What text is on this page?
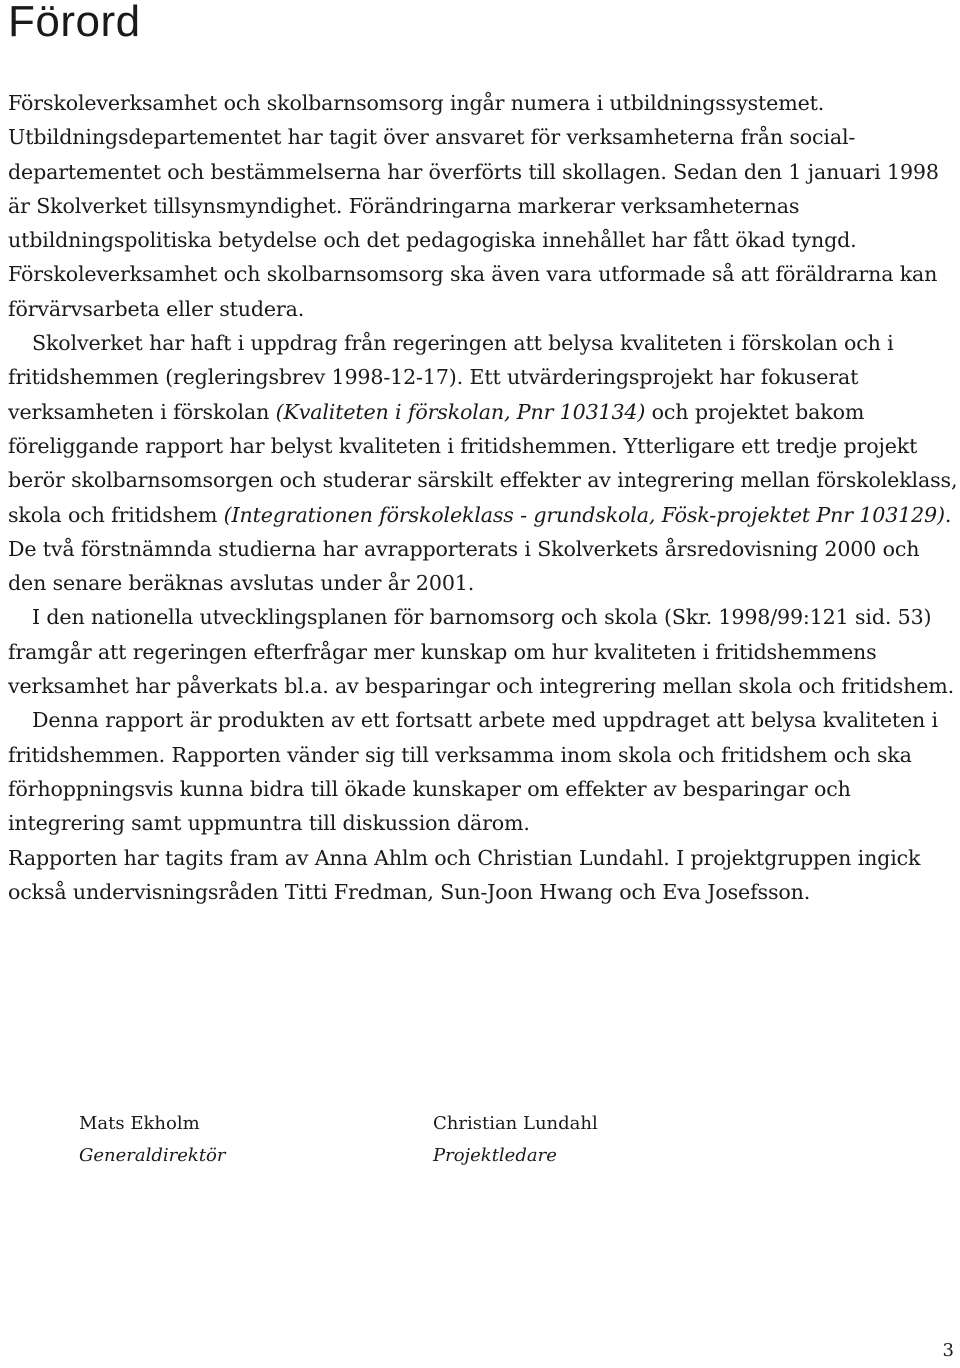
Förord

Förskoleverksamhet och skolbarnsomsorg ingår numera i utbildningssystemet. Utbildningsdepartementet har tagit över ansvaret för verksamheterna från social-departementet och bestämmelserna har överförts till skollagen. Sedan den 1 januari 1998 är Skolverket tillsynsmyndighet. Förändringarna markerar verksamheternas utbildningspolitiska betydelse och det pedagogiska innehållet har fått ökad tyngd. Förskoleverksamhet och skolbarnsomsorg ska även vara utformade så att föräldrarna kan förvärvsarbeta eller studera.

Skolverket har haft i uppdrag från regeringen att belysa kvaliteten i förskolan och i fritidshemmen (regleringsbrev 1998-12-17). Ett utvärderingsprojekt har fokuserat verksamheten i förskolan (Kvaliteten i förskolan, Pnr 103134) och projektet bakom föreliggande rapport har belyst kvaliteten i fritidshemmen. Ytterligare ett tredje projekt berör skolbarnsomsorgen och studerar särskilt effekter av integrering mellan förskoleklass, skola och fritidshem (Integrationen förskoleklass - grundskola, Fösk-projektet Pnr 103129). De två förstnämnda studierna har avrapporterats i Skolverkets årsredovisning 2000 och den senare beräknas avslutas under år 2001.

I den nationella utvecklingsplanen för barnomsorg och skola (Skr. 1998/99:121 sid. 53) framgår att regeringen efterfrågar mer kunskap om hur kvaliteten i fritidshemmens verksamhet har påverkats bl.a. av besparingar och integrering mellan skola och fritidshem.

Denna rapport är produkten av ett fortsatt arbete med uppdraget att belysa kvaliteten i fritidshemmen. Rapporten vänder sig till verksamma inom skola och fritidshem och ska förhoppningsvis kunna bidra till ökade kunskaper om effekter av besparingar och integrering samt uppmuntra till diskussion därom.

Rapporten har tagits fram av Anna Ahlm och Christian Lundahl. I projektgruppen ingick också undervisningsråden Titti Fredman, Sun-Joon Hwang och Eva Josefsson.

Mats Ekholm
Generaldirektör
Christian Lundahl
Projektledare
3
